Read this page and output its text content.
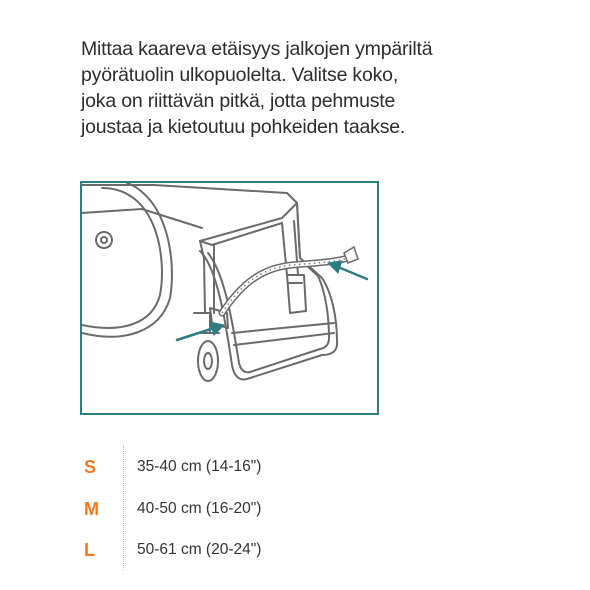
Mittaa kaareva etäisyys jalkojen ympäriltä

pyörätuolin ulkopuolelta. Valitse koko,

joka on riittävän pitkä, jotta pehmuste

joustaa ja kietoutuu pohkeiden taakse.

S	35-40 cm (14-16")
M	40-50 cm (16-20")
L	50-61 cm (20-24")
